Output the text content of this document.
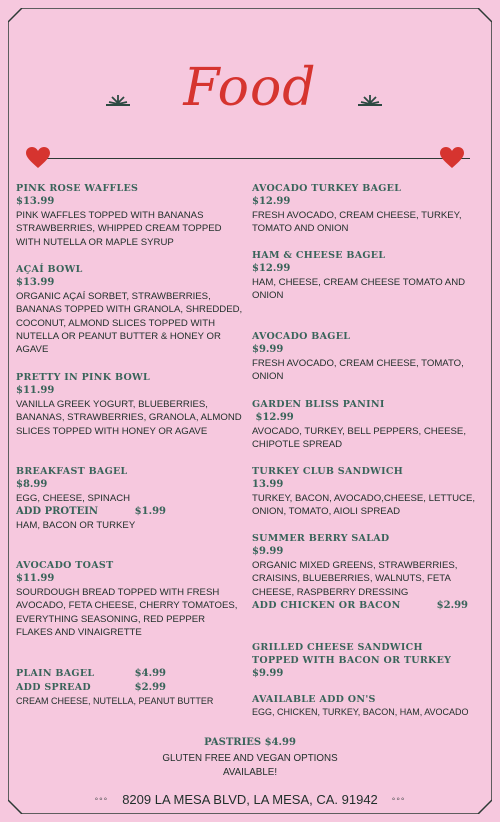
Food
PINK ROSE WAFFLES
$13.99
PINK WAFFLES TOPPED WITH BANANAS STRAWBERRIES, WHIPPED CREAM TOPPED WITH NUTELLA OR MAPLE SYRUP
AÇAÍ BOWL
$13.99
ORGANIC AÇAÍ SORBET, STRAWBERRIES, BANANAS TOPPED WITH GRANOLA, SHREDDED, COCONUT, ALMOND SLICES TOPPED WITH NUTELLA OR PEANUT BUTTER & HONEY OR AGAVE
PRETTY IN PINK BOWL
$11.99
VANILLA GREEK YOGURT, BLUEBERRIES, BANANAS, STRAWBERRIES, GRANOLA, ALMOND SLICES TOPPED WITH HONEY OR AGAVE
BREAKFAST BAGEL
$8.99
EGG, CHEESE, SPINACH
ADD PROTEIN	$1.99
HAM, BACON OR TURKEY
AVOCADO TOAST
$11.99
SOURDOUGH BREAD TOPPED WITH FRESH AVOCADO, FETA CHEESE, CHERRY TOMATOES, EVERYTHING SEASONING, RED PEPPER FLAKES AND VINAIGRETTE
PLAIN BAGEL	$4.99
ADD SPREAD	$2.99
CREAM CHEESE, NUTELLA, PEANUT BUTTER
AVOCADO TURKEY BAGEL
$12.99
FRESH AVOCADO, CREAM CHEESE, TURKEY, TOMATO AND ONION
HAM & CHEESE BAGEL
$12.99
HAM, CHEESE, CREAM CHEESE TOMATO AND ONION
AVOCADO BAGEL
$9.99
FRESH AVOCADO, CREAM CHEESE, TOMATO, ONION
GARDEN BLISS PANINI
$12.99
AVOCADO, TURKEY, BELL PEPPERS, CHEESE, CHIPOTLE SPREAD
TURKEY CLUB SANDWICH
13.99
TURKEY, BACON, AVOCADO,CHEESE, LETTUCE, ONION, TOMATO, AIOLI SPREAD
SUMMER BERRY SALAD
$9.99
ORGANIC MIXED GREENS, STRAWBERRIES, CRAISINS, BLUEBERRIES, WALNUTS, FETA CHEESE, RASPBERRY DRESSING
ADD CHICKEN OR BACON	$2.99
GRILLED CHEESE SANDWICH
TOPPED WITH BACON OR TURKEY
$9.99
AVAILABLE ADD ON'S
EGG, CHICKEN, TURKEY, BACON, HAM, AVOCADO
PASTRIES $4.99
GLUTEN FREE AND VEGAN OPTIONS
AVAILABLE!
◦◦◦ 8209 LA MESA BLVD, LA MESA, CA. 91942 ◦◦◦
